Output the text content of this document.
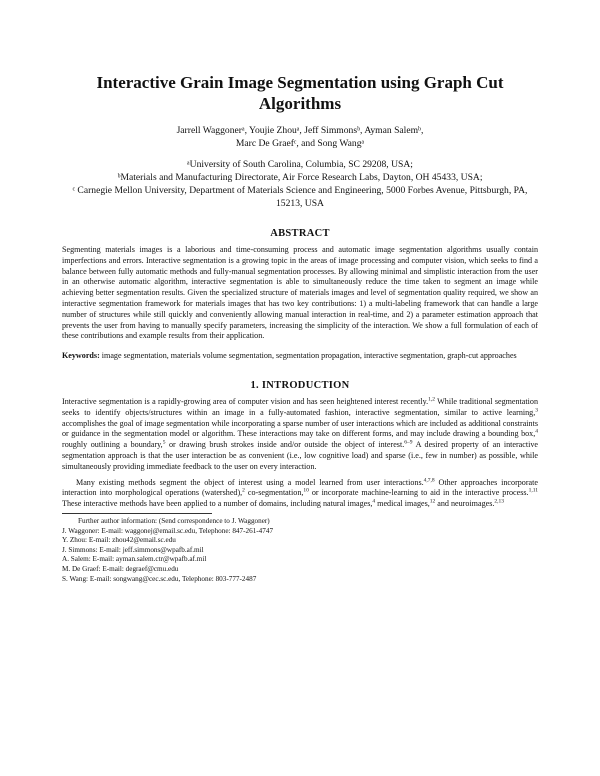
Interactive Grain Image Segmentation using Graph Cut Algorithms
Jarrell Waggonerᵃ, Youjie Zhouᵃ, Jeff Simmonsᵇ, Ayman Salemᵇ,
Marc De Graefᶜ, and Song Wangᵃ
ᵃUniversity of South Carolina, Columbia, SC 29208, USA;
ᵇMaterials and Manufacturing Directorate, Air Force Research Labs, Dayton, OH 45433, USA;
ᶜ Carnegie Mellon University, Department of Materials Science and Engineering, 5000 Forbes Avenue, Pittsburgh, PA, 15213, USA
ABSTRACT

Segmenting materials images is a laborious and time-consuming process and automatic image segmentation algorithms usually contain imperfections and errors. Interactive segmentation is a growing topic in the areas of image processing and computer vision, which seeks to find a balance between fully automatic methods and fully-manual segmentation processes. By allowing minimal and simplistic interaction from the user in an otherwise automatic algorithm, interactive segmentation is able to simultaneously reduce the time taken to segment an image while achieving better segmentation results. Given the specialized structure of materials images and level of segmentation quality required, we show an interactive segmentation framework for materials images that has two key contributions: 1) a multi-labeling framework that can handle a large number of structures while still quickly and conveniently allowing manual interaction in real-time, and 2) a parameter estimation approach that prevents the user from having to manually specify parameters, increasing the simplicity of the interaction. We show a full formulation of each of these contributions and example results from their application.

Keywords: image segmentation, materials volume segmentation, segmentation propagation, interactive segmentation, graph-cut approaches

1. INTRODUCTION

Interactive segmentation is a rapidly-growing area of computer vision and has seen heightened interest recently.$^{1,2}$ While traditional segmentation seeks to identify objects/structures within an image in a fully-automated fashion, interactive segmentation, similar to active learning,$^3$ accomplishes the goal of image segmentation while incorporating a sparse number of user interactions which are included as additional constraints or guidance in the segmentation model or algorithm. These interactions may take on different forms, and may include drawing a bounding box,$^4$ roughly outlining a boundary,$^5$ or drawing brush strokes inside and/or outside the object of interest.$^{6-9}$ A desired property of an interactive segmentation approach is that the user interaction be as convenient (i.e., low cognitive load) and sparse (i.e., few in number) as possible, while simultaneously providing immediate feedback to the user on every interaction.

Many existing methods segment the object of interest using a model learned from user interactions.$^{4,7,8}$ Other approaches incorporate interaction into morphological operations (watershed),$^2$ co-segmentation,$^{10}$ or incorporate machine-learning to aid in the interactive process.$^{1,11}$ These interactive methods have been applied to a number of domains, including natural images,$^4$ medical images,$^{12}$ and neuroimages.$^{2,13}$

Further author information: (Send correspondence to J. Waggoner)
J. Waggoner: E-mail: waggonej@email.sc.edu, Telephone: 847-261-4747
Y. Zhou: E-mail: zhou42@email.sc.edu
J. Simmons: E-mail: jeff.simmons@wpafb.af.mil
A. Salem: E-mail: ayman.salem.ctr@wpafb.af.mil
M. De Graef: E-mail: degraef@cmu.edu
S. Wang: E-mail: songwang@cec.sc.edu, Telephone: 803-777-2487
